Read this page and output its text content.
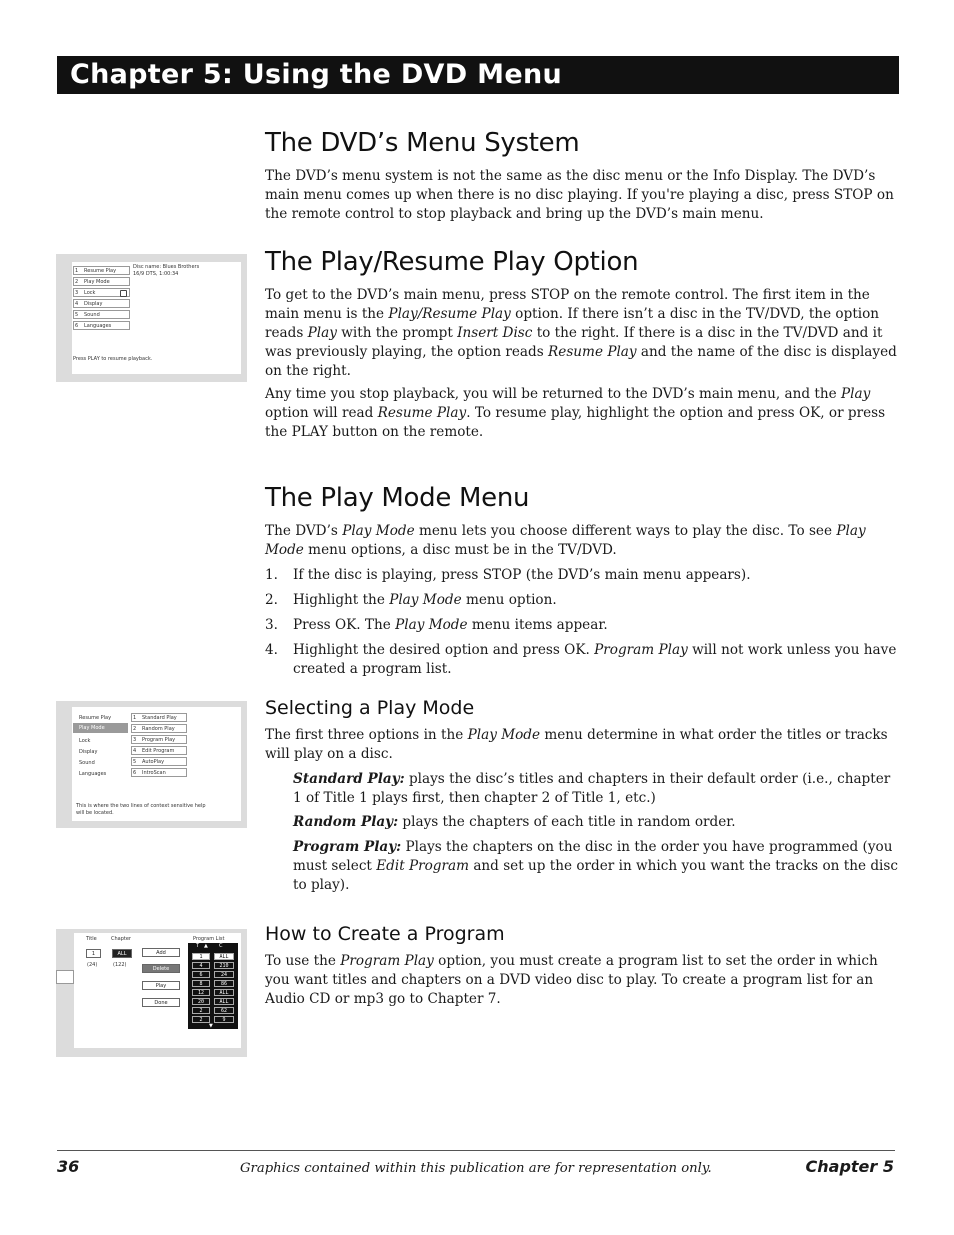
Chapter 5: Using the DVD Menu
The DVD’s Menu System

The DVD’s menu system is not the same as the disc menu or the Info Display. The DVD’s main menu comes up when there is no disc playing. If you're playing a disc, press STOP on the remote control to stop playback and bring up the DVD’s main menu.

The Play/Resume Play Option

To get to the DVD’s main menu, press STOP on the remote control. The first item in the main menu is the Play/Resume Play option. If there isn’t a disc in the TV/DVD, the option reads Play with the prompt Insert Disc to the right. If there is a disc in the TV/DVD and it was previously playing, the option reads Resume Play and the name of the disc is displayed on the right.

Any time you stop playback, you will be returned to the DVD’s main menu, and the Play option will read Resume Play. To resume play, highlight the option and press OK, or press the PLAY button on the remote.

The Play Mode Menu

The DVD’s Play Mode menu lets you choose different ways to play the disc. To see Play Mode menu options, a disc must be in the TV/DVD.

1. If the disc is playing, press STOP (the DVD’s main menu appears).
2. Highlight the Play Mode menu option.
3. Press OK. The Play Mode menu items appear.
4. Highlight the desired option and press OK. Program Play will not work unless you have created a program list.
Selecting a Play Mode

The first three options in the Play Mode menu determine in what order the titles or tracks will play on a disc.

Standard Play: plays the disc’s titles and chapters in their default order (i.e., chapter 1 of Title 1 plays first, then chapter 2 of Title 1, etc.)

Random Play: plays the chapters of each title in random order.

Program Play: Plays the chapters on the disc in the order you have programmed (you must select Edit Program and set up the order in which you want the tracks on the disc to play).

How to Create a Program

To use the Program Play option, you must create a program list to set the order in which you want titles and chapters on a DVD video disc to play. To create a program list for an Audio CD or mp3 go to Chapter 7.

1 Resume Play
2 Play Mode
3 Lock
4 Display
5 Sound
6 Languages
Disc name: Blues Brothers
16/9 DTS, 1:00:34
Press PLAY to resume playback.
Resume Play
Play Mode
Lock
Display
Sound
Languages
1 Standard Play
2 Random Play
3 Program Play
4 Edit Program
5 AutoPlay
6 IntroScan
This is where the two lines of context sensitive help
will be located.
Title	Chapter	Program List
1	ALL
(24)	(122)
Add
Delete
Play
Done
T ▲ C
1	ALL
4	210
6	24
8	86
12	ALL
20	ALL
2	62
2	9
▼
36	Graphics contained within this publication are for representation only.	Chapter 5
